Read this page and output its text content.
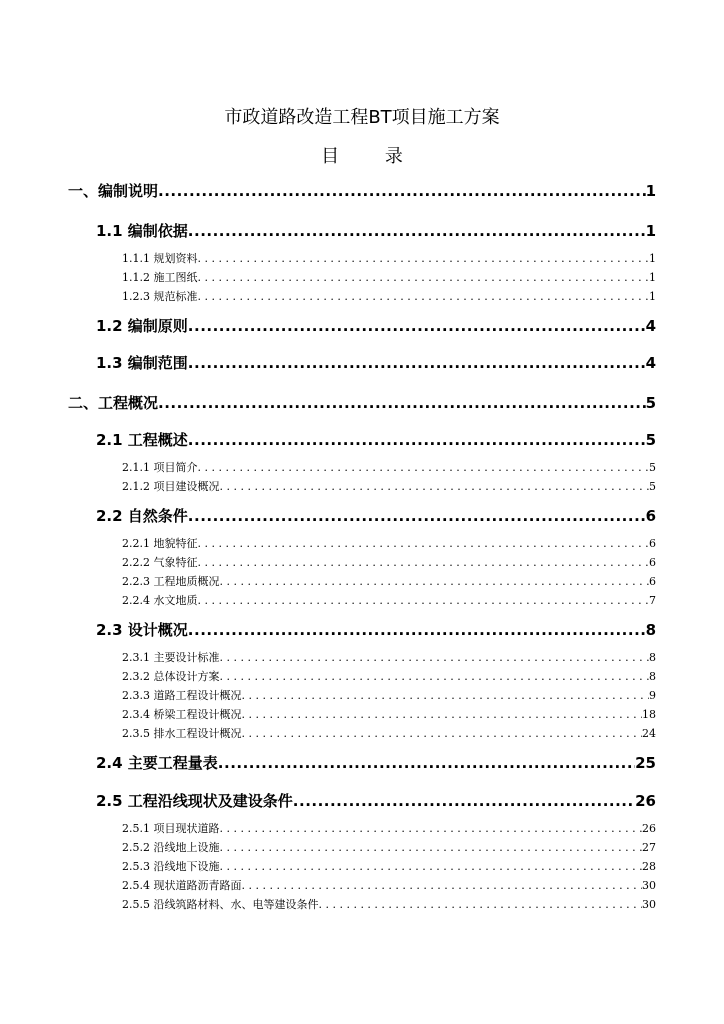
市政道路改造工程BT项目施工方案
目 录
一、编制说明 .....	1
1.1 编制依据 .....	1
1.1.1 规划资料 . . .	1
1.1.2 施工图纸 . . .	1
1.2.3 规范标准 . . .	1
1.2 编制原则 .....	4
1.3 编制范围 .....	4
二、工程概况 .....	5
2.1 工程概述 .....	5
2.1.1 项目简介 . . .	5
2.1.2 项目建设概况 . . .	5
2.2 自然条件 .....	6
2.2.1 地貌特征 . . .	6
2.2.2 气象特征 . . .	6
2.2.3 工程地质概况 . . .	6
2.2.4 水文地质 . . .	7
2.3 设计概况 .....	8
2.3.1 主要设计标准 . . .	8
2.3.2 总体设计方案 . . .	8
2.3.3 道路工程设计概况 . . .	9
2.3.4 桥梁工程设计概况 . . .	18
2.3.5 排水工程设计概况 . . .	24
2.4 主要工程量表 .....	25
2.5 工程沿线现状及建设条件 .....	26
2.5.1 项目现状道路 . . .	26
2.5.2 沿线地上设施 . . .	27
2.5.3 沿线地下设施 . . .	28
2.5.4 现状道路沥青路面 . . .	30
2.5.5 沿线筑路材料、水、电等建设条件 . . .	30
